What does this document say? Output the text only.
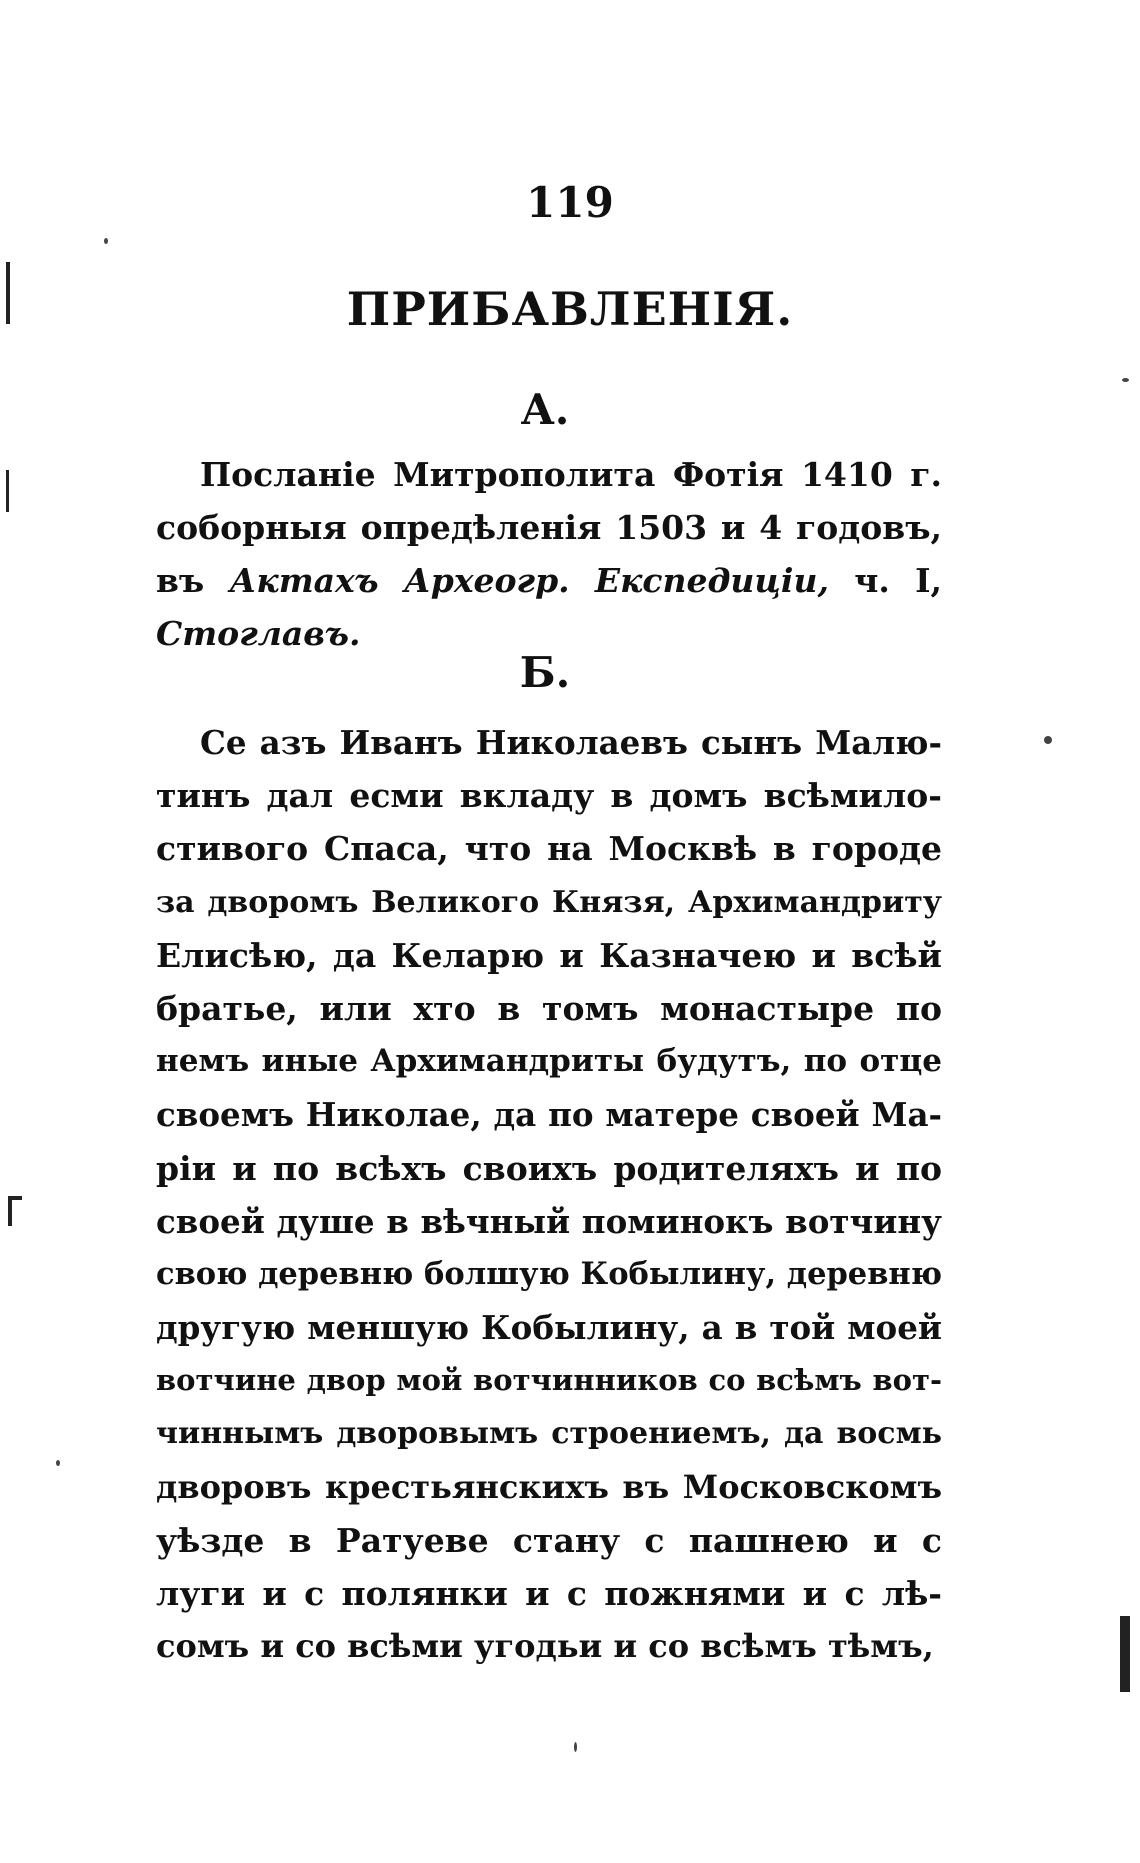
119
ПРИБАВЛЕНІЯ.
А.
Посланіе Митрополита Фотія 1410 г.
соборныя опредѣленія 1503 и 4 годовъ,
въ Актахъ Археогр. Експедиціи, ч. I,
Стоглавъ.
Б.
Се азъ Иванъ Николаевъ сынъ Малю-
тинъ дал есми вкладу в домъ всѣмило-
стивого Спаса, что на Москвѣ в городе
за дворомъ Великого Князя, Архимандриту
Елисѣю, да Келарю и Казначею и всѣй
братье, или хто в томъ монастыре по
немъ иные Архимандриты будутъ, по отце
своемъ Николае, да по матере своей Ма-
ріи и по всѣхъ своихъ родителяхъ и по
своей душе в вѣчный поминокъ вотчину
свою деревню болшую Кобылину, деревню
другую меншую Кобылину, а в той моей
вотчине двор мой вотчинников со всѣмъ вот-
чиннымъ дворовымъ строениемъ, да восмь
дворовъ крестьянскихъ въ Московскомъ
уѣзде в Ратуеве стану с пашнею и с
луги и с полянки и с пожнями и с лѣ-
сомъ и со всѣми угодьи и со всѣмъ тѣмъ,
